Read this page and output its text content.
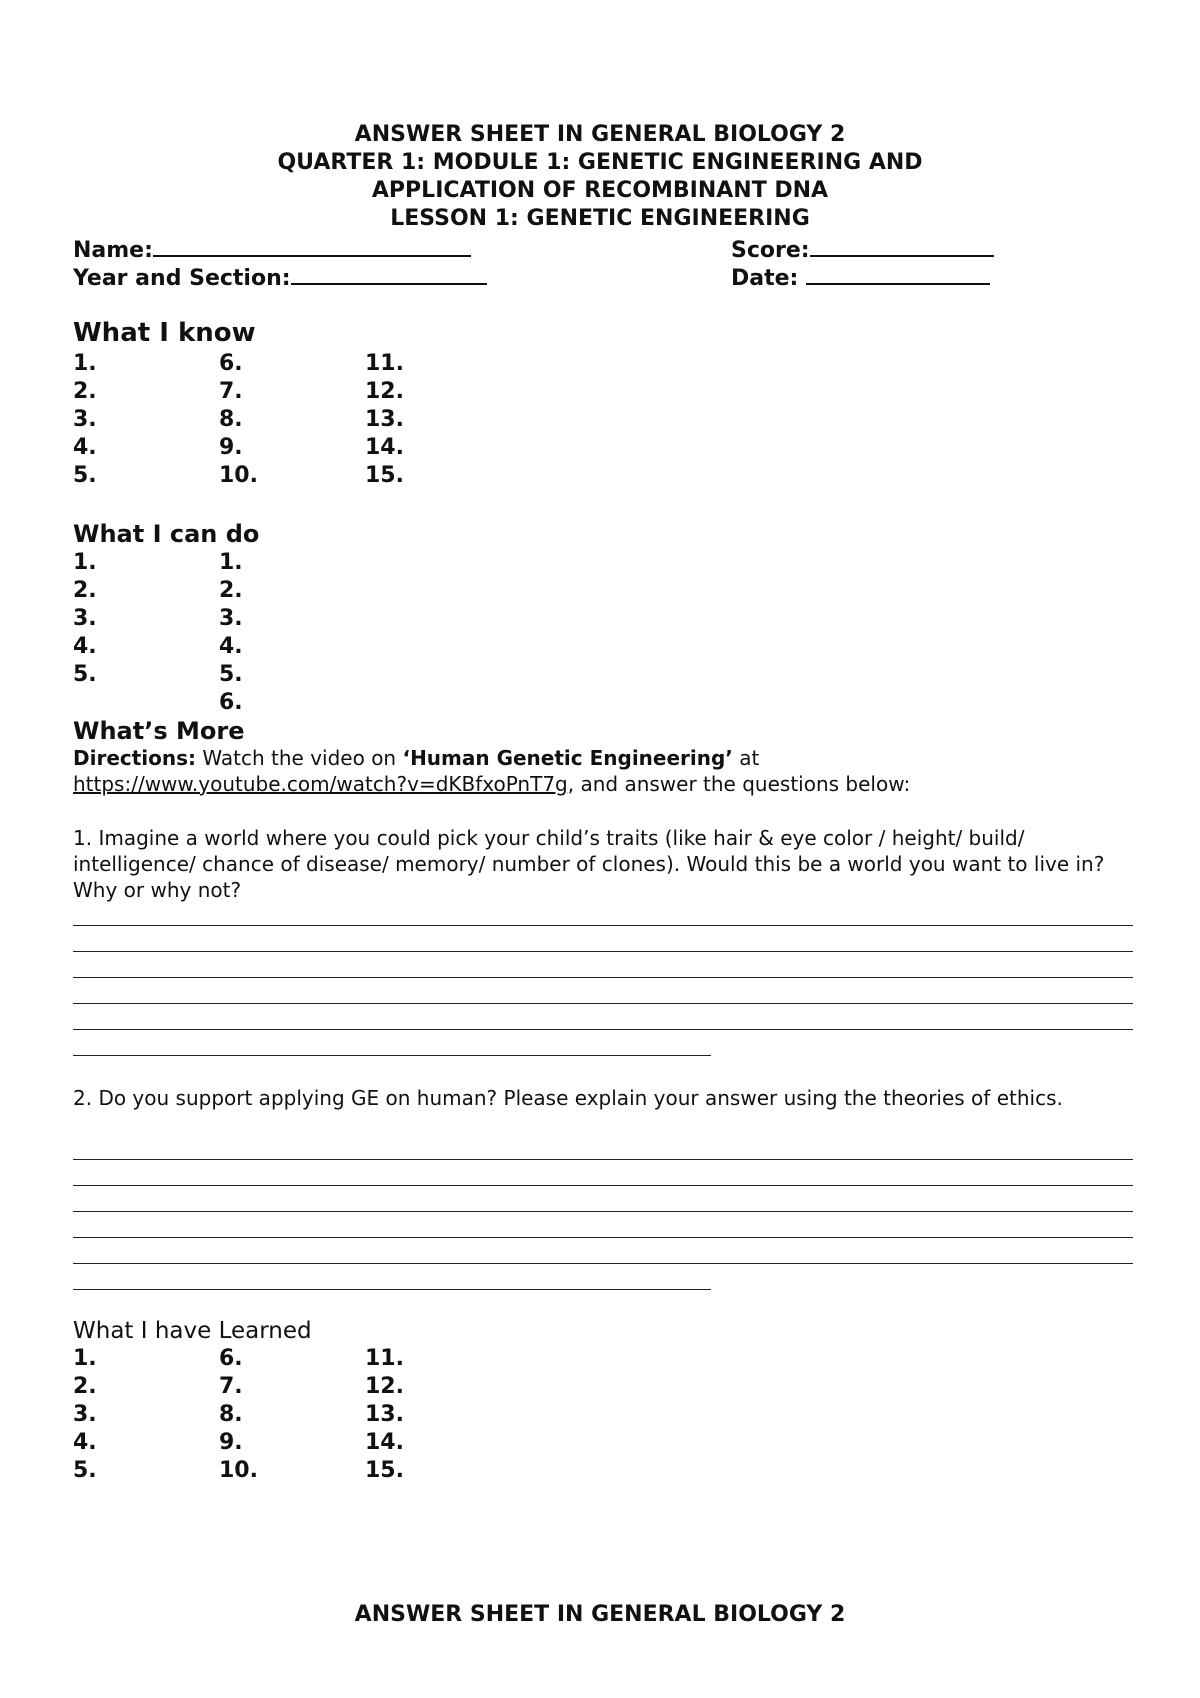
ANSWER SHEET IN GENERAL BIOLOGY 2
QUARTER 1: MODULE 1: GENETIC ENGINEERING AND
APPLICATION OF RECOMBINANT DNA
LESSON 1: GENETIC ENGINEERING
Name:	Score:
Year and Section:	Date:
What I know
1.
2.
3.
4.
5.
6.
7.
8.
9.
10.
11.
12.
13.
14.
15.
What I can do
1.
2.
3.
4.
5.
1.
2.
3.
4.
5.
6.
What’s More
Directions: Watch the video on ‘Human Genetic Engineering’ at
https://www.youtube.com/watch?v=dKBfxoPnT7g, and answer the questions below:
1. Imagine a world where you could pick your child’s traits (like hair & eye color / height/ build/ intelligence/ chance of disease/ memory/ number of clones). Would this be a world you want to live in? Why or why not?
2. Do you support applying GE on human? Please explain your answer using the theories of ethics.
What I have Learned
1.
2.
3.
4.
5.
6.
7.
8.
9.
10.
11.
12.
13.
14.
15.
ANSWER SHEET IN GENERAL BIOLOGY 2
